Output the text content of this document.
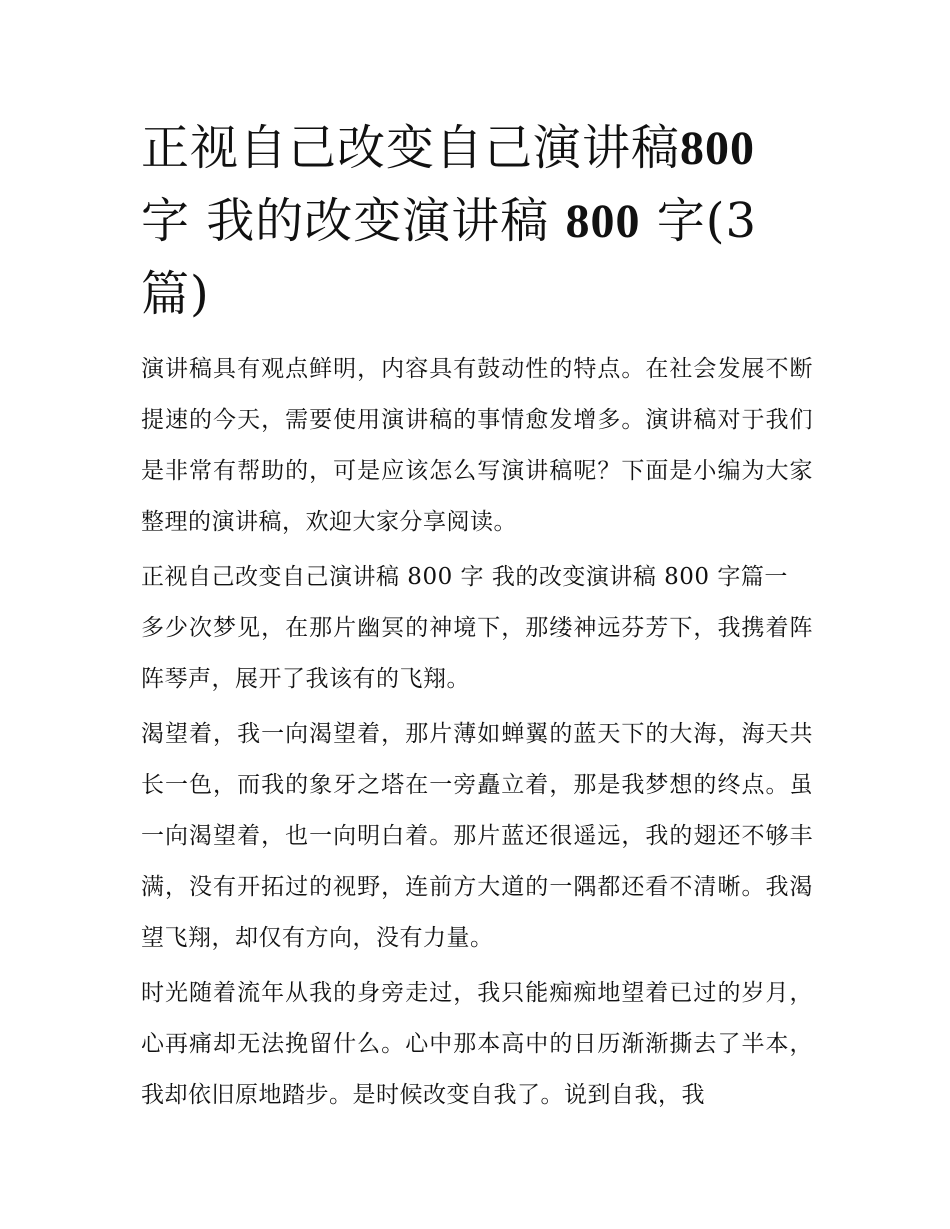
正视自己改变自己演讲稿800
字 我的改变演讲稿 800 字(3
篇)

演讲稿具有观点鲜明，内容具有鼓动性的特点。在社会发展不断提速的今天，需要使用演讲稿的事情愈发增多。演讲稿对于我们是非常有帮助的，可是应该怎么写演讲稿呢？下面是小编为大家整理的演讲稿，欢迎大家分享阅读。

正视自己改变自己演讲稿 800 字 我的改变演讲稿 800 字篇一

多少次梦见，在那片幽冥的神境下，那缕神远芬芳下，我携着阵阵琴声，展开了我该有的飞翔。

渴望着，我一向渴望着，那片薄如蝉翼的蓝天下的大海，海天共长一色，而我的象牙之塔在一旁矗立着，那是我梦想的终点。虽一向渴望着，也一向明白着。那片蓝还很遥远，我的翅还不够丰满，没有开拓过的视野，连前方大道的一隅都还看不清晰。我渴望飞翔，却仅有方向，没有力量。

时光随着流年从我的身旁走过，我只能痴痴地望着已过的岁月，心再痛却无法挽留什么。心中那本高中的日历渐渐撕去了半本，我却依旧原地踏步。是时候改变自我了。说到自我，我
